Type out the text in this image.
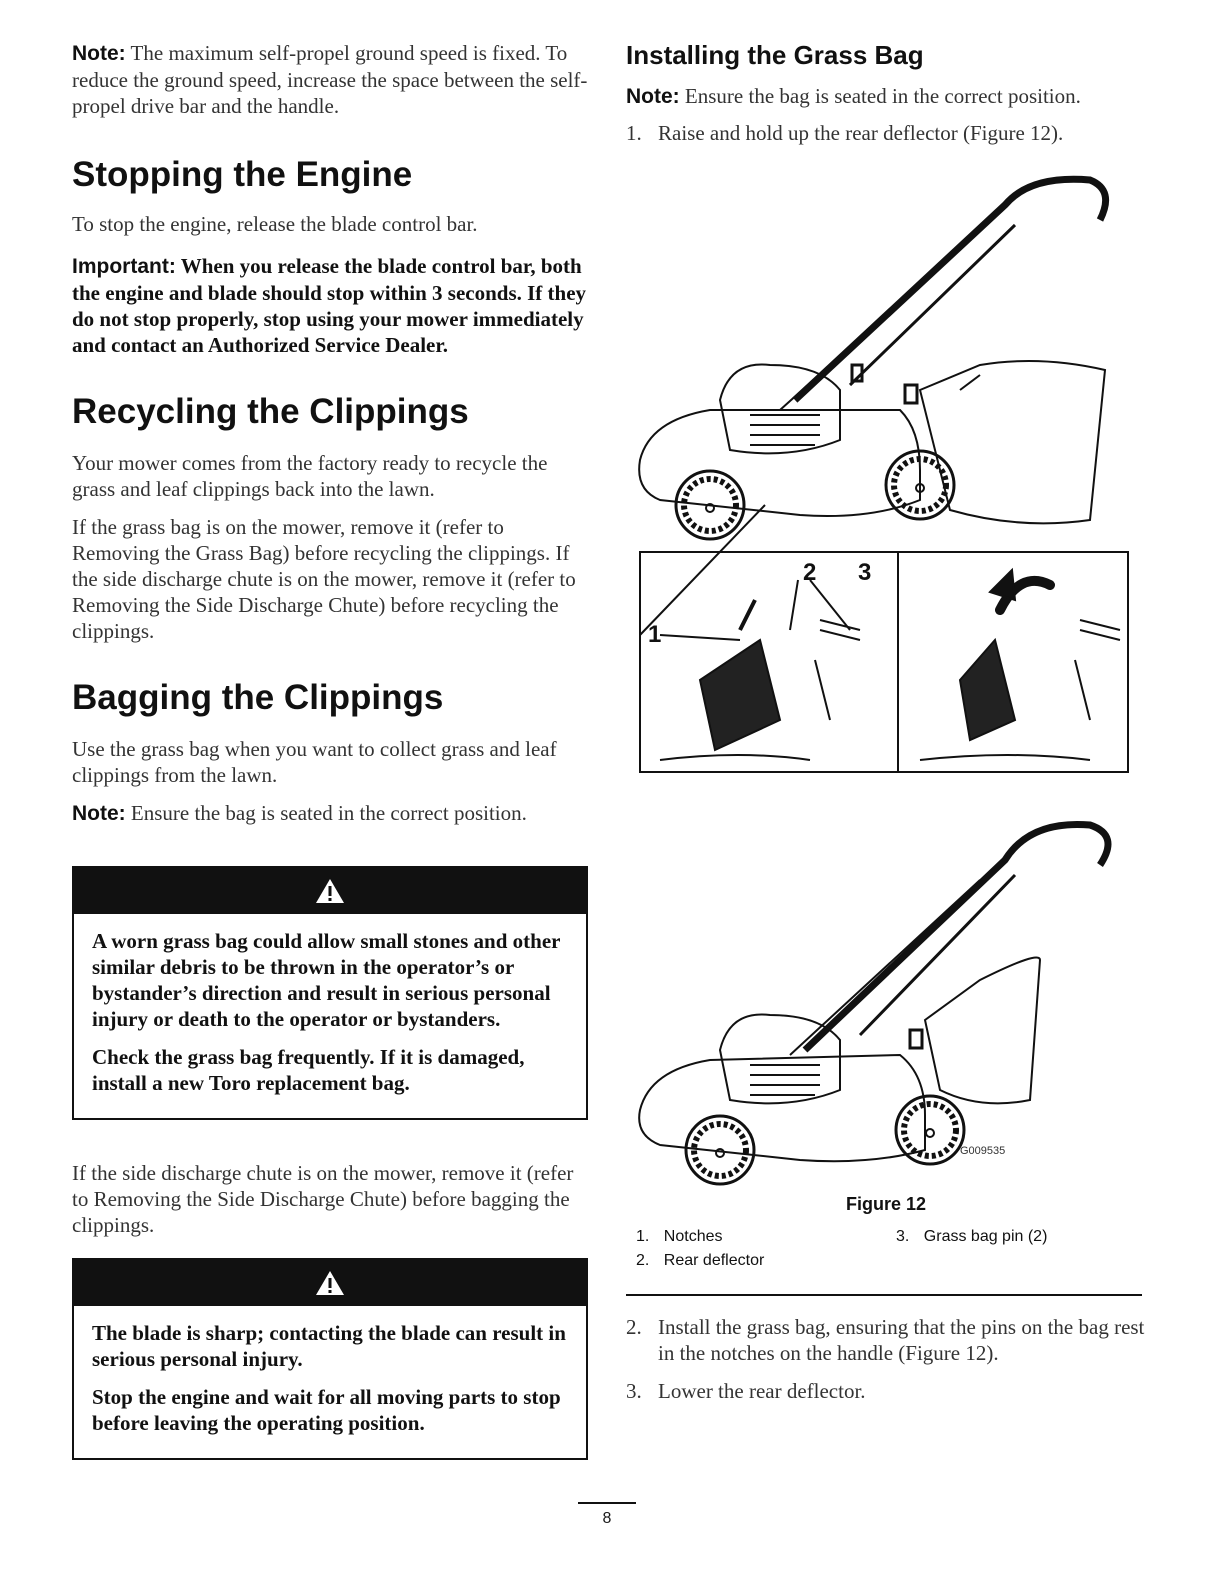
Note: The maximum self-propel ground speed is fixed. To reduce the ground speed, increase the space between the self-propel drive bar and the handle.

Stopping the Engine

To stop the engine, release the blade control bar.

Important: When you release the blade control bar, both the engine and blade should stop within 3 seconds. If they do not stop properly, stop using your mower immediately and contact an Authorized Service Dealer.

Recycling the Clippings

Your mower comes from the factory ready to recycle the grass and leaf clippings back into the lawn.

If the grass bag is on the mower, remove it (refer to Removing the Grass Bag) before recycling the clippings. If the side discharge chute is on the mower, remove it (refer to Removing the Side Discharge Chute) before recycling the clippings.

Bagging the Clippings

Use the grass bag when you want to collect grass and leaf clippings from the lawn.

Note: Ensure the bag is seated in the correct position.

A worn grass bag could allow small stones and other similar debris to be thrown in the operator’s or bystander’s direction and result in serious personal injury or death to the operator or bystanders.

Check the grass bag frequently. If it is damaged, install a new Toro replacement bag.

If the side discharge chute is on the mower, remove it (refer to Removing the Side Discharge Chute) before bagging the clippings.

The blade is sharp; contacting the blade can result in serious personal injury.

Stop the engine and wait for all moving parts to stop before leaving the operating position.

Installing the Grass Bag

Note: Ensure the bag is seated in the correct position.

1. Raise and hold up the rear deflector (Figure 12).
1
2 3
G009535
Figure 12
1. Notches
2. Rear deflector
3. Grass bag pin (2)
2. Install the grass bag, ensuring that the pins on the bag rest in the notches on the handle (Figure 12).
3. Lower the rear deflector.
8
